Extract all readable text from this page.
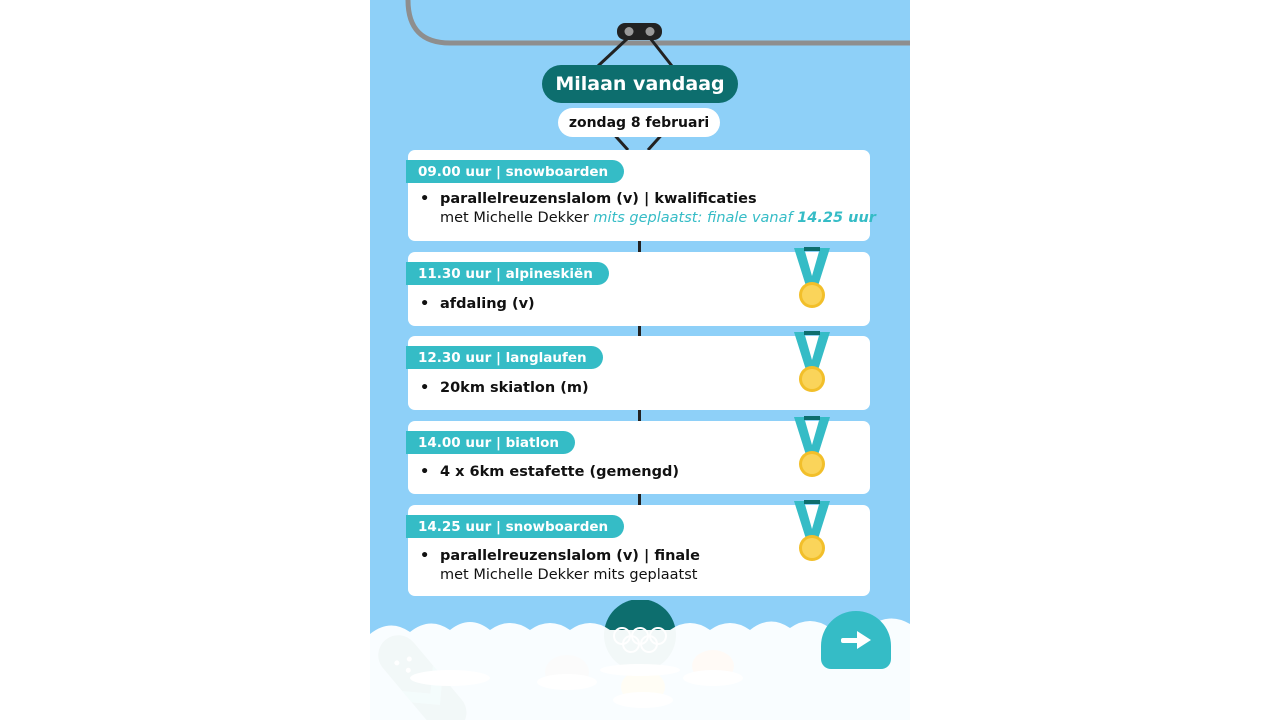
Milaan vandaag
zondag 8 februari
09.00 uur | snowboarden
• parallelreuzenslalom (v) | kwalificaties
met Michelle Dekker mits geplaatst: finale vanaf 14.25 uur
11.30 uur | alpineskiën
• afdaling (v)
12.30 uur | langlaufen
• 20km skiatlon (m)
14.00 uur | biatlon
• 4 x 6km estafette (gemengd)
14.25 uur | snowboarden
• parallelreuzenslalom (v) | finale
met Michelle Dekker mits geplaatst
